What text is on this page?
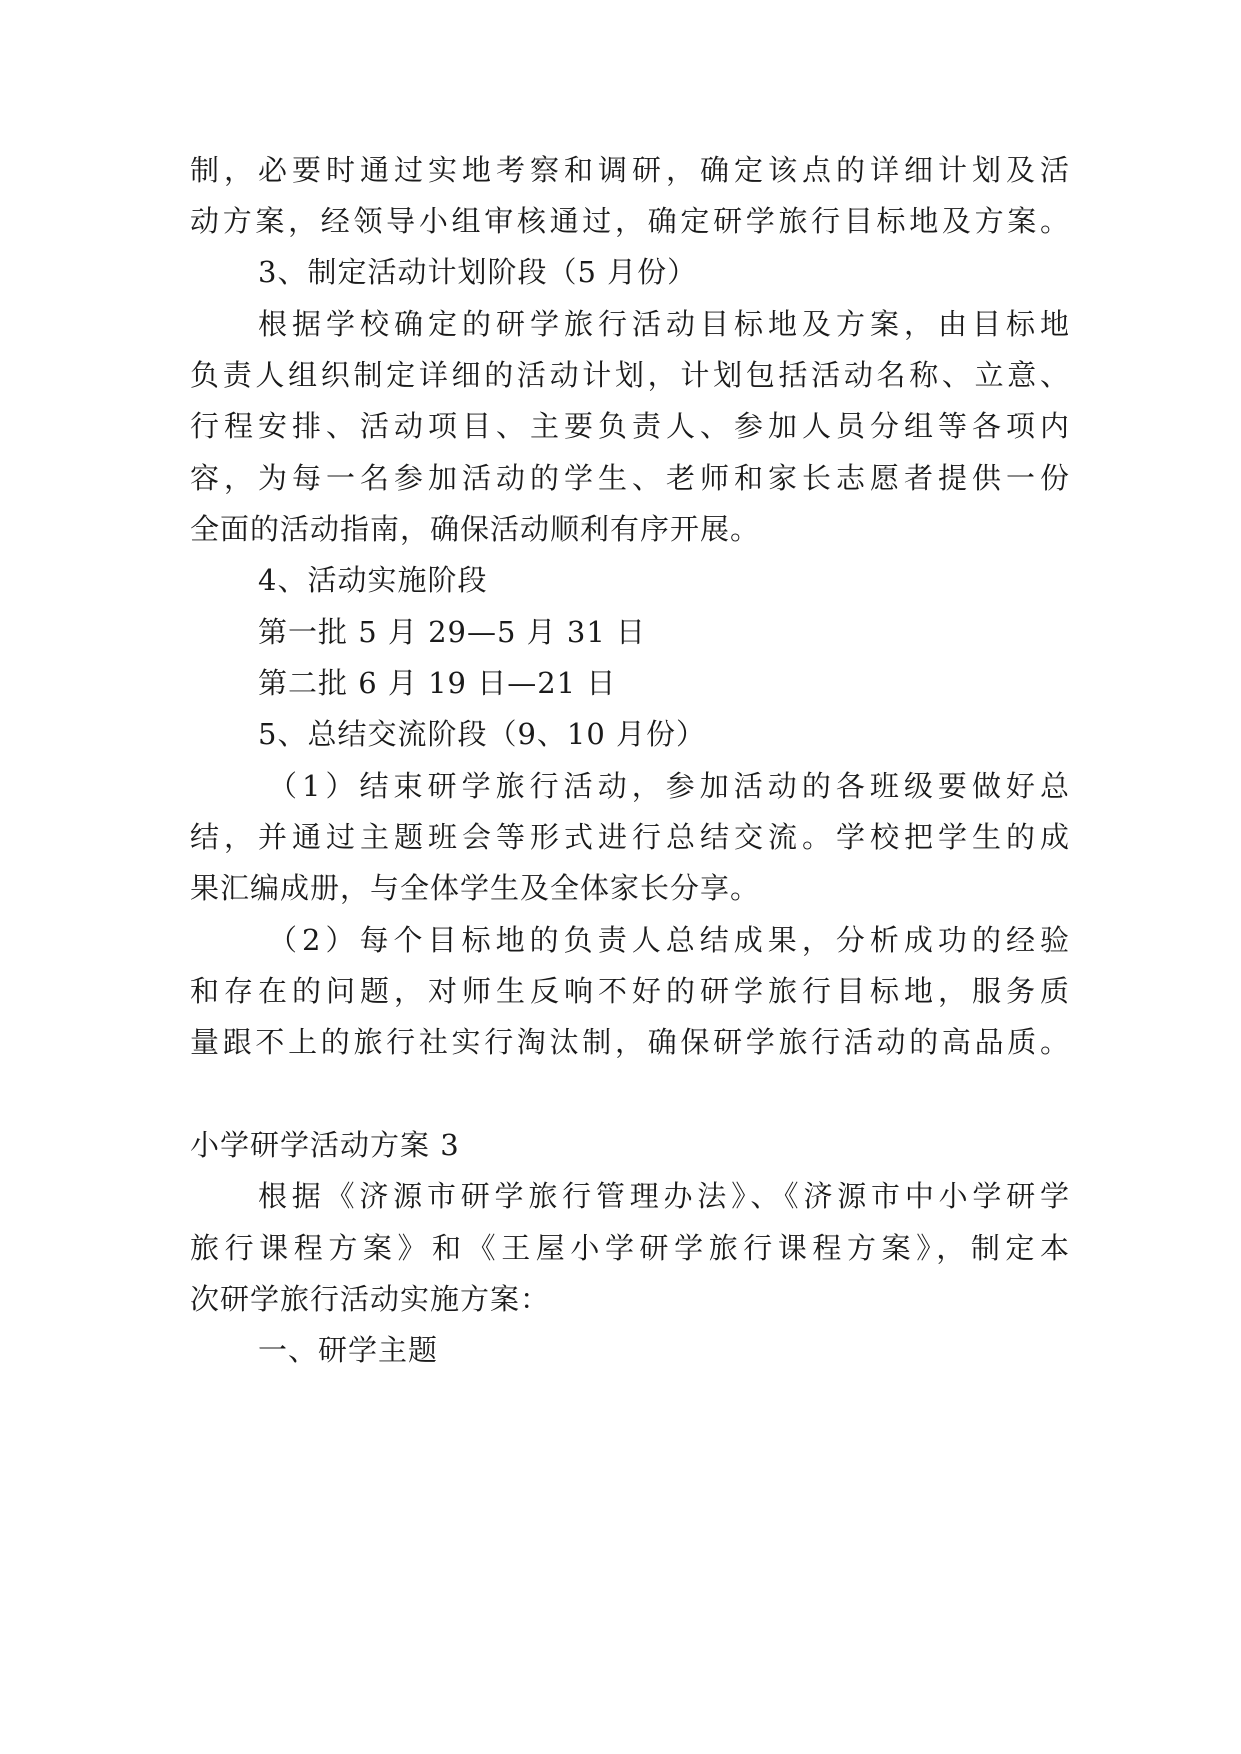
制，必要时通过实地考察和调研，确定该点的详细计划及活
动方案，经领导小组审核通过，确定研学旅行目标地及方案。
3、制定活动计划阶段（5 月份）
根据学校确定的研学旅行活动目标地及方案，由目标地
负责人组织制定详细的活动计划，计划包括活动名称、立意、
行程安排、活动项目、主要负责人、参加人员分组等各项内
容，为每一名参加活动的学生、老师和家长志愿者提供一份
全面的活动指南，确保活动顺利有序开展。
4、活动实施阶段
第一批 5 月 29—5 月 31 日
第二批 6 月 19 日—21 日
5、总结交流阶段（9、10 月份）
（1）结束研学旅行活动，参加活动的各班级要做好总
结，并通过主题班会等形式进行总结交流。学校把学生的成
果汇编成册，与全体学生及全体家长分享。
（2）每个目标地的负责人总结成果，分析成功的经验
和存在的问题，对师生反响不好的研学旅行目标地，服务质
量跟不上的旅行社实行淘汰制，确保研学旅行活动的高品质。
小学研学活动方案 3
根据《济源市研学旅行管理办法》、《济源市中小学研学
旅行课程方案》和《王屋小学研学旅行课程方案》，制定本
次研学旅行活动实施方案：
一、研学主题
